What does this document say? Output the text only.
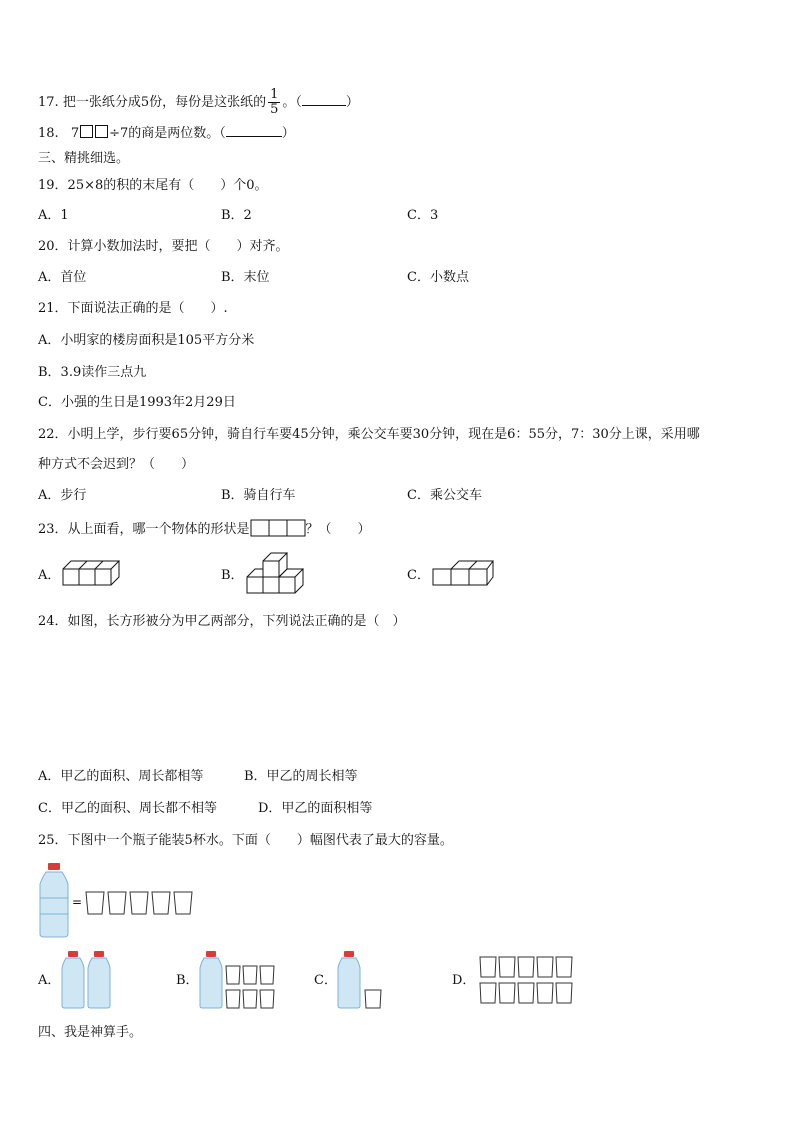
17. 把一张纸分成5份，每份是这张纸的 $\frac{1}{5}$ 。（	）
18. 7 ÷7的商是两位数。（	）
三、精挑细选。
19．25×8的积的末尾有（　　）个0。
A．1	B．2	C．3
20．计算小数加法时，要把（　　）对齐。
A．首位	B．末位	C．小数点
21．下面说法正确的是（　　）.
A．小明家的楼房面积是105平方分米
B．3.9读作三点九
C．小强的生日是1993年2月29日
22．小明上学，步行要65分钟，骑自行车要45分钟，乘公交车要30分钟，现在是6：55分，7：30分上课，采用哪
种方式不会迟到？（　　）
A．步行	B．骑自行车	C．乘公交车
23．从上面看，哪一个物体的形状是	？（　　）
A．	B．	C．
24．如图，长方形被分为甲乙两部分，下列说法正确的是（　）
A．甲乙的面积、周长都相等	B．甲乙的周长相等
C．甲乙的面积、周长都不相等	D．甲乙的面积相等
25．下图中一个瓶子能装5杯水。下面（　　）幅图代表了最大的容量。
=
A．	B．	C．	D．
四、我是神算手。
